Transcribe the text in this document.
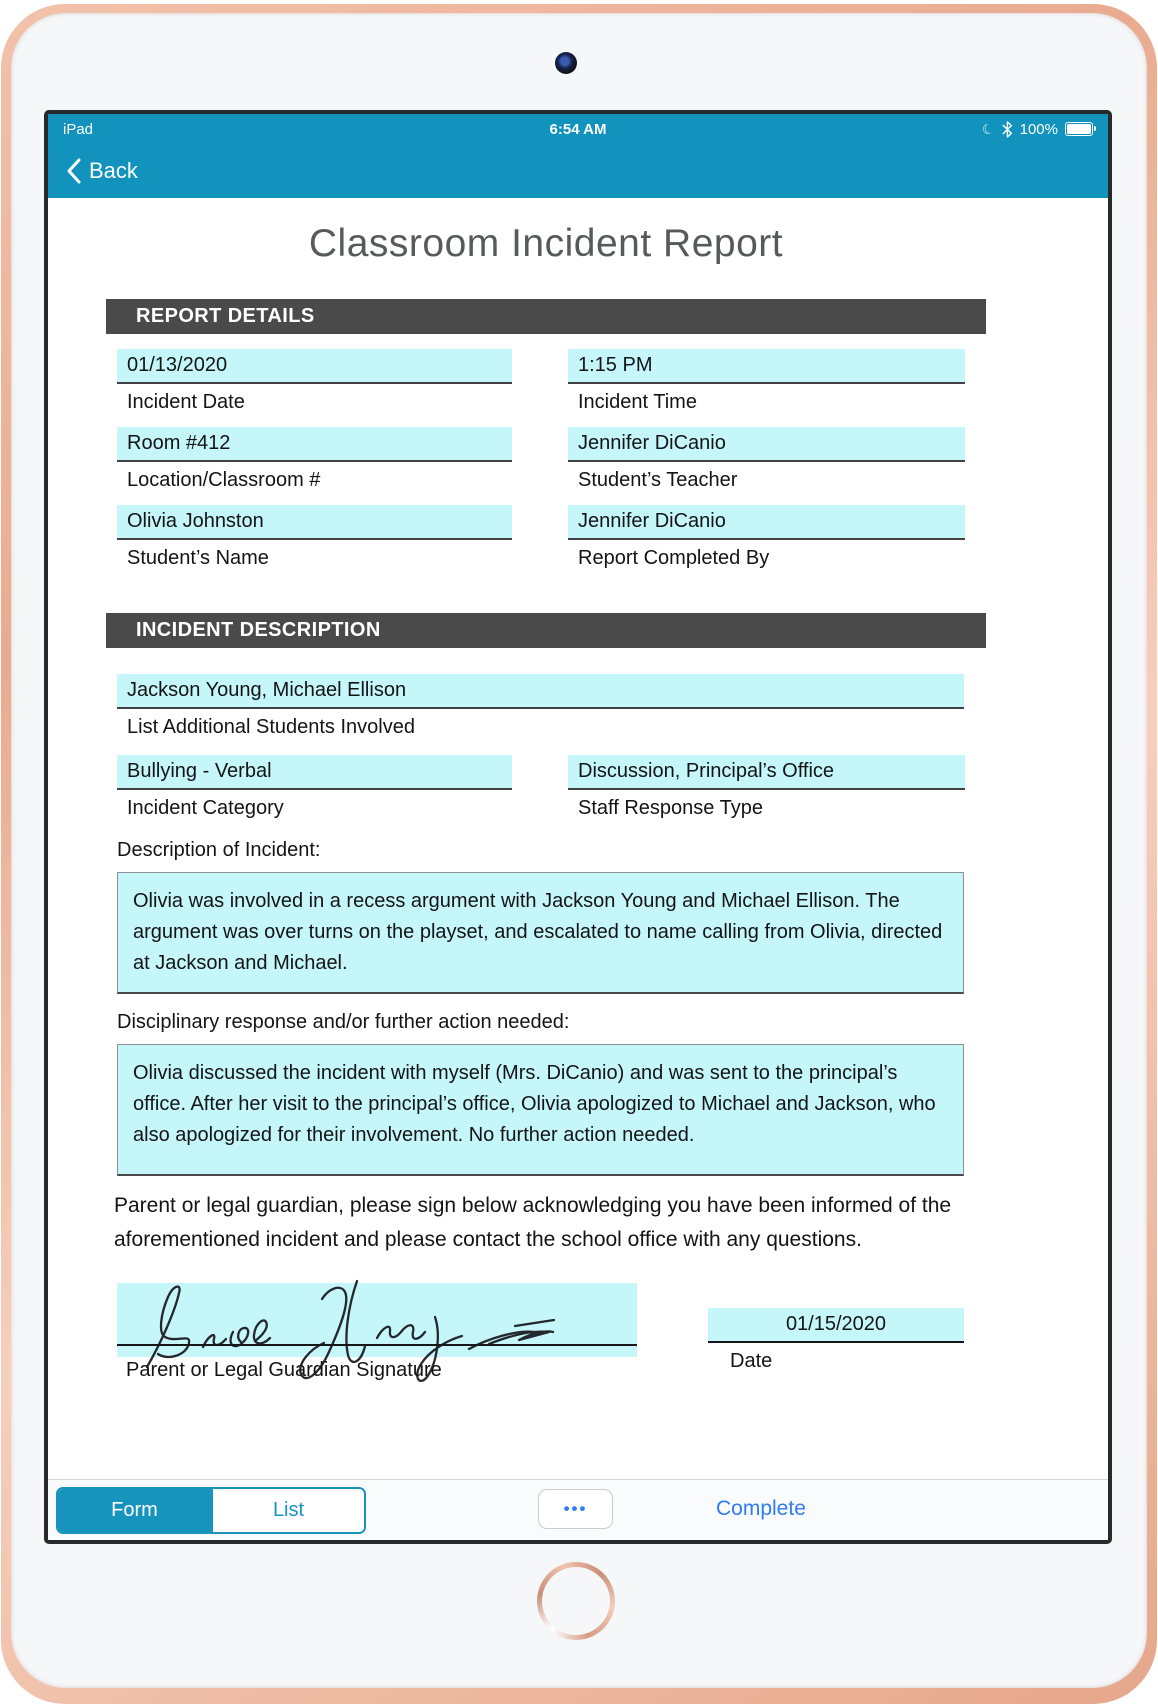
iPad	6:54 AM	☾ 100%
Back
Classroom Incident Report
REPORT DETAILS
01/13/2020
Incident Date
1:15 PM
Incident Time
Room #412
Location/Classroom #
Jennifer DiCanio
Student’s Teacher
Olivia Johnston
Student’s Name
Jennifer DiCanio
Report Completed By
INCIDENT DESCRIPTION
Jackson Young, Michael Ellison
List Additional Students Involved
Bullying - Verbal
Incident Category
Discussion, Principal’s Office
Staff Response Type
Description of Incident:
Olivia was involved in a recess argument with Jackson Young and Michael Ellison. The argument was over turns on the playset, and escalated to name calling from Olivia, directed at Jackson and Michael.
Disciplinary response and/or further action needed:
Olivia discussed the incident with myself (Mrs. DiCanio) and was sent to the principal’s office. After her visit to the principal’s office, Olivia apologized to Michael and Jackson, who also apologized for their involvement. No further action needed.
Parent or legal guardian, please sign below acknowledging you have been informed of the aforementioned incident and please contact the school office with any questions.
Parent or Legal Guardian Signature
01/15/2020
Date
Form	List	•••	Complete
